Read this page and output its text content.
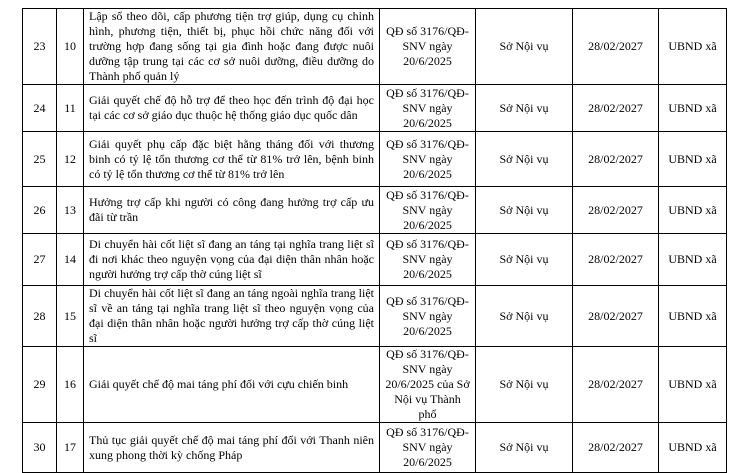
23	10	Lập sổ theo dõi, cấp phương tiện trợ giúp, dụng cụ chỉnh hình, phương tiện, thiết bị, phục hồi chức năng đối với trường hợp đang sống tại gia đình hoặc đang được nuôi dưỡng tập trung tại các cơ sở nuôi dưỡng, điều dưỡng do Thành phố quản lý	QĐ số 3176/QĐ-SNV ngày 20/6/2025	Sở Nội vụ	28/02/2027	UBND xã
24	11	Giải quyết chế độ hỗ trợ để theo học đến trình độ đại học tại các cơ sở giáo dục thuộc hệ thống giáo dục quốc dân	QĐ số 3176/QĐ-SNV ngày 20/6/2025	Sở Nội vụ	28/02/2027	UBND xã
25	12	Giải quyết phụ cấp đặc biệt hằng tháng đối với thương binh có tỷ lệ tổn thương cơ thể từ 81% trở lên, bệnh binh có tỷ lệ tổn thương cơ thể từ 81% trở lên	QĐ số 3176/QĐ-SNV ngày 20/6/2025	Sở Nội vụ	28/02/2027	UBND xã
26	13	Hưởng trợ cấp khi người có công đang hưởng trợ cấp ưu đãi từ trần	QĐ số 3176/QĐ-SNV ngày 20/6/2025	Sở Nội vụ	28/02/2027	UBND xã
27	14	Di chuyển hài cốt liệt sĩ đang an táng tại nghĩa trang liệt sĩ đi nơi khác theo nguyện vọng của đại diện thân nhân hoặc người hưởng trợ cấp thờ cúng liệt sĩ	QĐ số 3176/QĐ-SNV ngày 20/6/2025	Sở Nội vụ	28/02/2027	UBND xã
28	15	Di chuyển hài cốt liệt sĩ đang an táng ngoài nghĩa trang liệt sĩ về an táng tại nghĩa trang liệt sĩ theo nguyện vọng của đại diện thân nhân hoặc người hưởng trợ cấp thờ cúng liệt sĩ	QĐ số 3176/QĐ-SNV ngày 20/6/2025	Sở Nội vụ	28/02/2027	UBND xã
29	16	Giải quyết chế độ mai táng phí đối với cựu chiến binh	QĐ số 3176/QĐ-SNV ngày 20/6/2025 của Sở Nội vụ Thành phố	Sở Nội vụ	28/02/2027	UBND xã
30	17	Thủ tục giải quyết chế độ mai táng phí đối với Thanh niên xung phong thời kỳ chống Pháp	QĐ số 3176/QĐ-SNV ngày 20/6/2025	Sở Nội vụ	28/02/2027	UBND xã
